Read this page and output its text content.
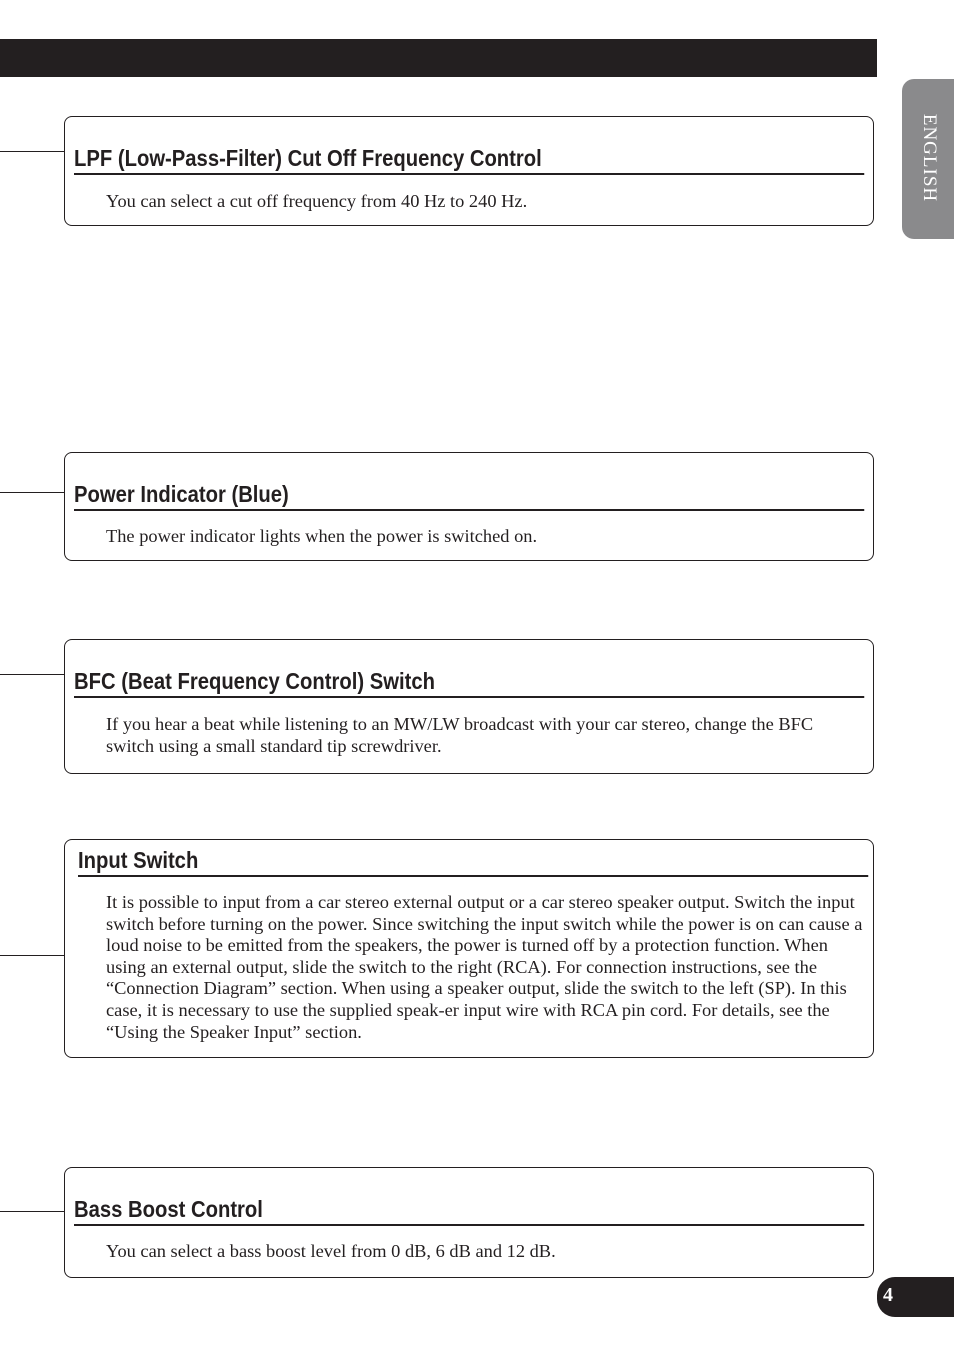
ENGLISH
LPF (Low-Pass-Filter) Cut Off Frequency Control

You can select a cut off frequency from 40 Hz to 240 Hz.

Power Indicator (Blue)

The power indicator lights when the power is switched on.

BFC (Beat Frequency Control) Switch

If you hear a beat while listening to an MW/LW broadcast with your car stereo, change the BFC switch using a small standard tip screwdriver.

Input Switch

It is possible to input from a car stereo external output or a car stereo speaker output. Switch the input switch before turning on the power. Since switching the input switch while the power is on can cause a loud noise to be emitted from the speakers, the power is turned off by a protection function. When using an external output, slide the switch to the right (RCA). For connection instructions, see the “Connection Diagram” section. When using a speaker output, slide the switch to the left (SP). In this case, it is necessary to use the supplied speak-er input wire with RCA pin cord. For details, see the “Using the Speaker Input” section.

Bass Boost Control

You can select a bass boost level from 0 dB, 6 dB and 12 dB.

4
